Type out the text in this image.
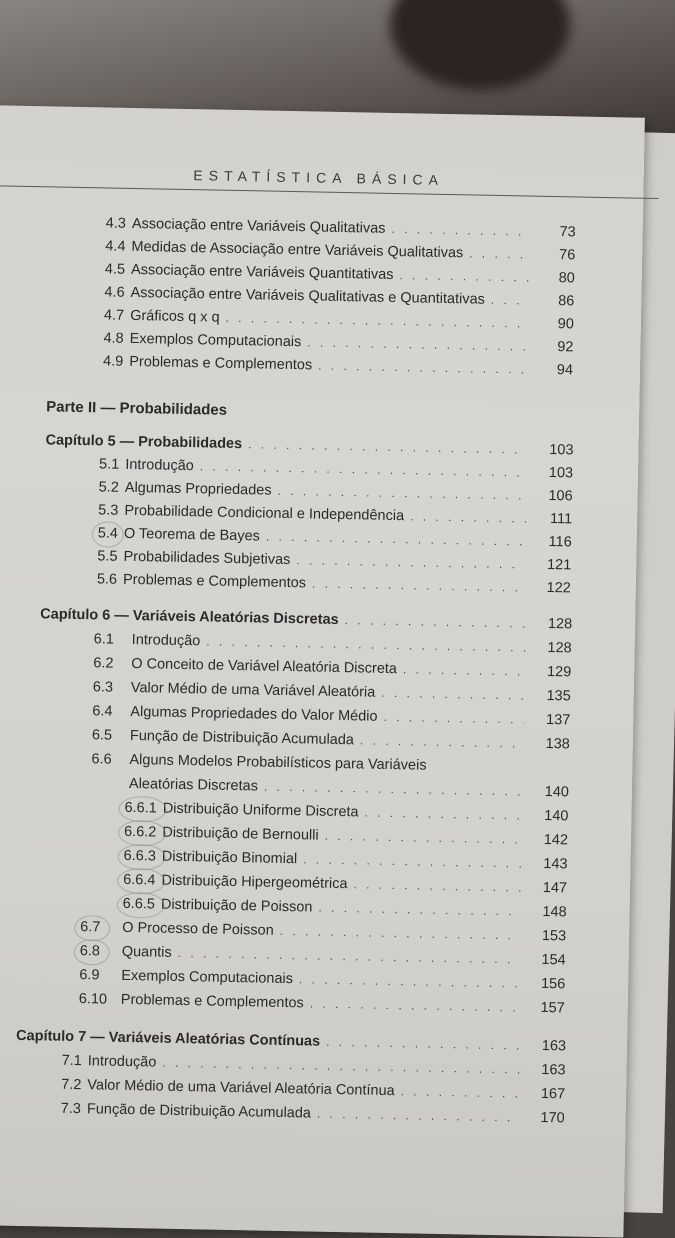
ESTATÍSTICA BÁSICA
4.3 Associação entre Variáveis Qualitativas . . .	73
4.4 Medidas de Associação entre Variáveis Qualitativas . . .	76
4.5 Associação entre Variáveis Quantitativas . . .	80
4.6 Associação entre Variáveis Qualitativas e Quantitativas . . .	86
4.7 Gráficos q x q . . .	90
4.8 Exemplos Computacionais . . .	92
4.9 Problemas e Complementos . . .	94
Parte II — Probabilidades
Capítulo 5 — Probabilidades . . .	103
5.1 Introdução . . .	103
5.2 Algumas Propriedades . . .	106
5.3 Probabilidade Condicional e Independência . . .	111
5.4 O Teorema de Bayes . . .	116
5.5 Probabilidades Subjetivas . . .	121
5.6 Problemas e Complementos . . .	122
Capítulo 6 — Variáveis Aleatórias Discretas . . .	128
6.1	Introdução . . .	128
6.2	O Conceito de Variável Aleatória Discreta . . .	129
6.3	Valor Médio de uma Variável Aleatória . . .	135
6.4	Algumas Propriedades do Valor Médio . . .	137
6.5	Função de Distribuição Acumulada . . .	138
6.6	Alguns Modelos Probabilísticos para Variáveis
Aleatórias Discretas . . .	140
6.6.1 Distribuição Uniforme Discreta . . .	140
6.6.2 Distribuição de Bernoulli . . .	142
6.6.3 Distribuição Binomial . . .	143
6.6.4 Distribuição Hipergeométrica . . .	147
6.6.5 Distribuição de Poisson . . .	148
6.7	O Processo de Poisson . . .	153
6.8	Quantis . . .	154
6.9	Exemplos Computacionais . . .	156
6.10 Problemas e Complementos . . .	157
Capítulo 7 — Variáveis Aleatórias Contínuas . . .	163
7.1 Introdução . . .	163
7.2 Valor Médio de uma Variável Aleatória Contínua . . .	167
7.3 Função de Distribuição Acumulada . . .	170
